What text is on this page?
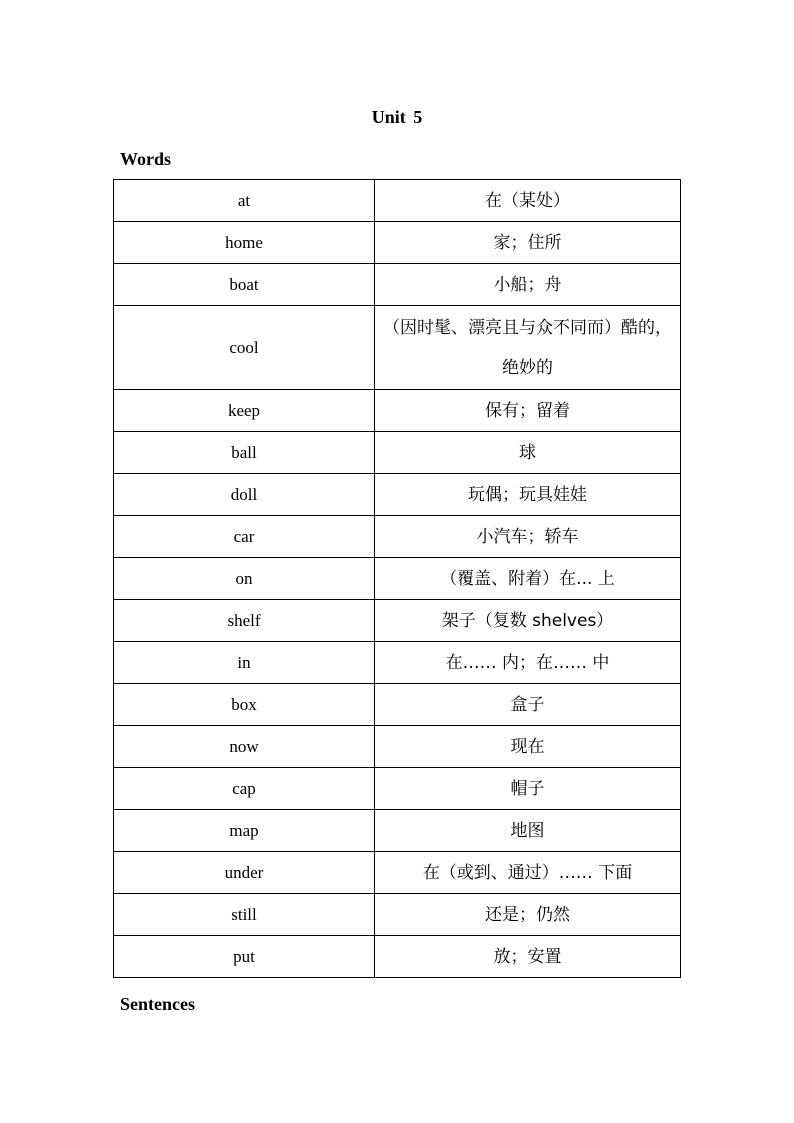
Unit 5
Words
at	在（某处）
home	家；住所
boat	小船；舟
cool	（因时髦、漂亮且与众不同而）酷的，绝妙的
keep	保有；留着
ball	球
doll	玩偶；玩具娃娃
car	小汽车；轿车
on	（覆盖、附着）在... 上
shelf	架子（复数 shelves）
in	在…… 内；在…… 中
box	盒子
now	现在
cap	帽子
map	地图
under	在（或到、通过）…… 下面
still	还是；仍然
put	放；安置
Sentences
